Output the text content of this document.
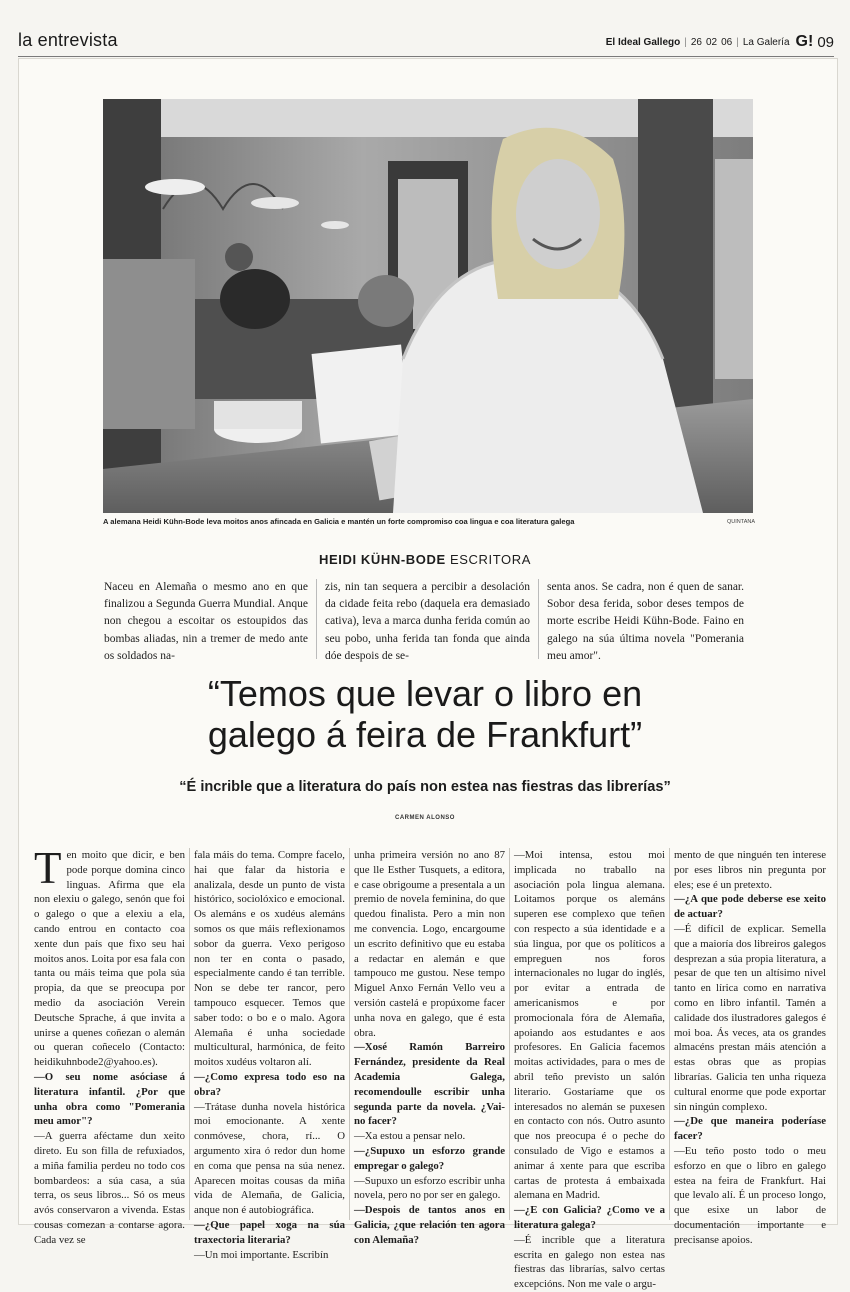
la entrevista	El Ideal Gallego | 26 02 06 | La Galería G! 09
A alemana Heidi Kühn-Bode leva moitos anos afincada en Galicia e mantén un forte compromiso coa lingua e coa literatura galega	QUINTANA
HEIDI KÜHN-BODE ESCRITORA
Naceu en Alemaña o mesmo ano en que finalizou a Segunda Guerra Mundial. Anque non chegou a escoitar os estoupidos das bombas aliadas, nin a tremer de medo ante os soldados na-
zis, nin tan sequera a percibir a desolación da cidade feita rebo (daquela era demasiado cativa), leva a marca dunha ferida común ao seu pobo, unha ferida tan fonda que ainda dóe despois de se-
senta anos. Se cadra, non é quen de sanar. Sobor desa ferida, sobor deses tempos de morte escribe Heidi Kühn-Bode. Faino en galego na súa última novela "Pomerania meu amor".
“Temos que levar o libro en
galego á feira de Frankfurt”
“É incrible que a literatura do país non estea nas fiestras das librerías”
CARMEN ALONSO

Ten moito que dicir, e ben pode porque domina cinco linguas. Afirma que ela non elexiu o galego, senón que foi o galego o que a elexiu a ela, cando entrou en contacto coa xente dun país que fixo seu hai moitos anos. Loita por esa fala con tanta ou máis teima que pola súa propia, da que se preocupa por medio da asociación Verein Deutsche Sprache, á que invita a unirse a quenes coñezan o alemán ou queran coñecelo (Contacto: heidikuhnbode2@yahoo.es).

—O seu nome asóciase á literatura infantil. ¿Por que unha obra como "Pomerania meu amor"?

—A guerra aféctame dun xeito direto. Eu son filla de refuxiados, a miña familia perdeu no todo cos bombardeos: a súa casa, a súa terra, os seus libros... Só os meus avós conservaron a vivenda. Estas cousas comezan a contarse agora. Cada vez se

fala máis do tema. Compre facelo, hai que falar da historia e analizala, desde un punto de vista histórico, sociolóxico e emocional. Os alemáns e os xudéus alemáns somos os que máis reflexionamos sobor da guerra. Vexo perigoso non ter en conta o pasado, especialmente cando é tan terrible. Non se debe ter rancor, pero tampouco esquecer. Temos que saber todo: o bo e o malo. Agora Alemaña é unha sociedade multicultural, harmónica, de feito moitos xudéus voltaron alí.

—¿Como expresa todo eso na obra?

—Trátase dunha novela histórica moi emocionante. A xente conmóvese, chora, rí... O argumento xira ó redor dun home en coma que pensa na súa nenez. Aparecen moitas cousas da miña vida de Alemaña, de Galicia, anque non é autobiográfica.

—¿Que papel xoga na súa traxectoria literaria?

—Un moi importante. Escribín

unha primeira versión no ano 87 que lle Esther Tusquets, a editora, e case obrigoume a presentala a un premio de novela feminina, do que quedou finalista. Pero a min non me convencia. Logo, encargoume un escrito definitivo que eu estaba a redactar en alemán e que tampouco me gustou. Nese tempo Miguel Anxo Fernán Vello veu a versión castelá e propúxome facer unha nova en galego, que é esta obra.

—Xosé Ramón Barreiro Fernández, presidente da Real Academia Galega, recomendoulle escribir unha segunda parte da novela. ¿Vai-no facer?

—Xa estou a pensar nelo.

—¿Supuxo un esforzo grande empregar o galego?

—Supuxo un esforzo escribir unha novela, pero no por ser en galego.

—Despois de tantos anos en Galicia, ¿que relación ten agora con Alemaña?

—Moi intensa, estou moi implicada no traballo na asociación pola lingua alemana. Loitamos porque os alemáns superen ese complexo que teñen con respecto a súa identidade e a súa lingua, por que os políticos a empreguen nos foros internacionales no lugar do inglés, por evitar a entrada de americanismos e por promocionala fóra de Alemaña, apoiando aos estudantes e aos profesores. En Galicia facemos moitas actividades, para o mes de abril teño previsto un salón literario. Gostaríame que os interesados no alemán se puxesen en contacto con nós. Outro asunto que nos preocupa é o peche do consulado de Vigo e estamos a animar á xente para que escriba cartas de protesta á embaixada alemana en Madrid.

—¿E con Galicia? ¿Como ve a literatura galega?

—É incrible que a literatura escrita en galego non estea nas fiestras das librarías, salvo certas excepcións. Non me vale o argu-

mento de que ninguén ten interese por eses libros nin pregunta por eles; ese é un pretexto.

—¿A que pode deberse ese xeito de actuar?

—É difícil de explicar. Semella que a maioría dos libreiros galegos desprezan a súa propia literatura, a pesar de que ten un altísimo nivel tanto en lírica como en narrativa como en libro infantil. Tamén a calidade dos ilustradores galegos é moi boa. Ás veces, ata os grandes almacéns prestan máis atención a estas obras que as propias librarías. Galicia ten unha riqueza cultural enorme que pode exportar sin ningún complexo.

—¿De que maneira poderíase facer?

—Eu teño posto todo o meu esforzo en que o libro en galego estea na feira de Frankfurt. Hai que levalo alí. É un proceso longo, que esixe un labor de documentación importante e precisanse apoios.
